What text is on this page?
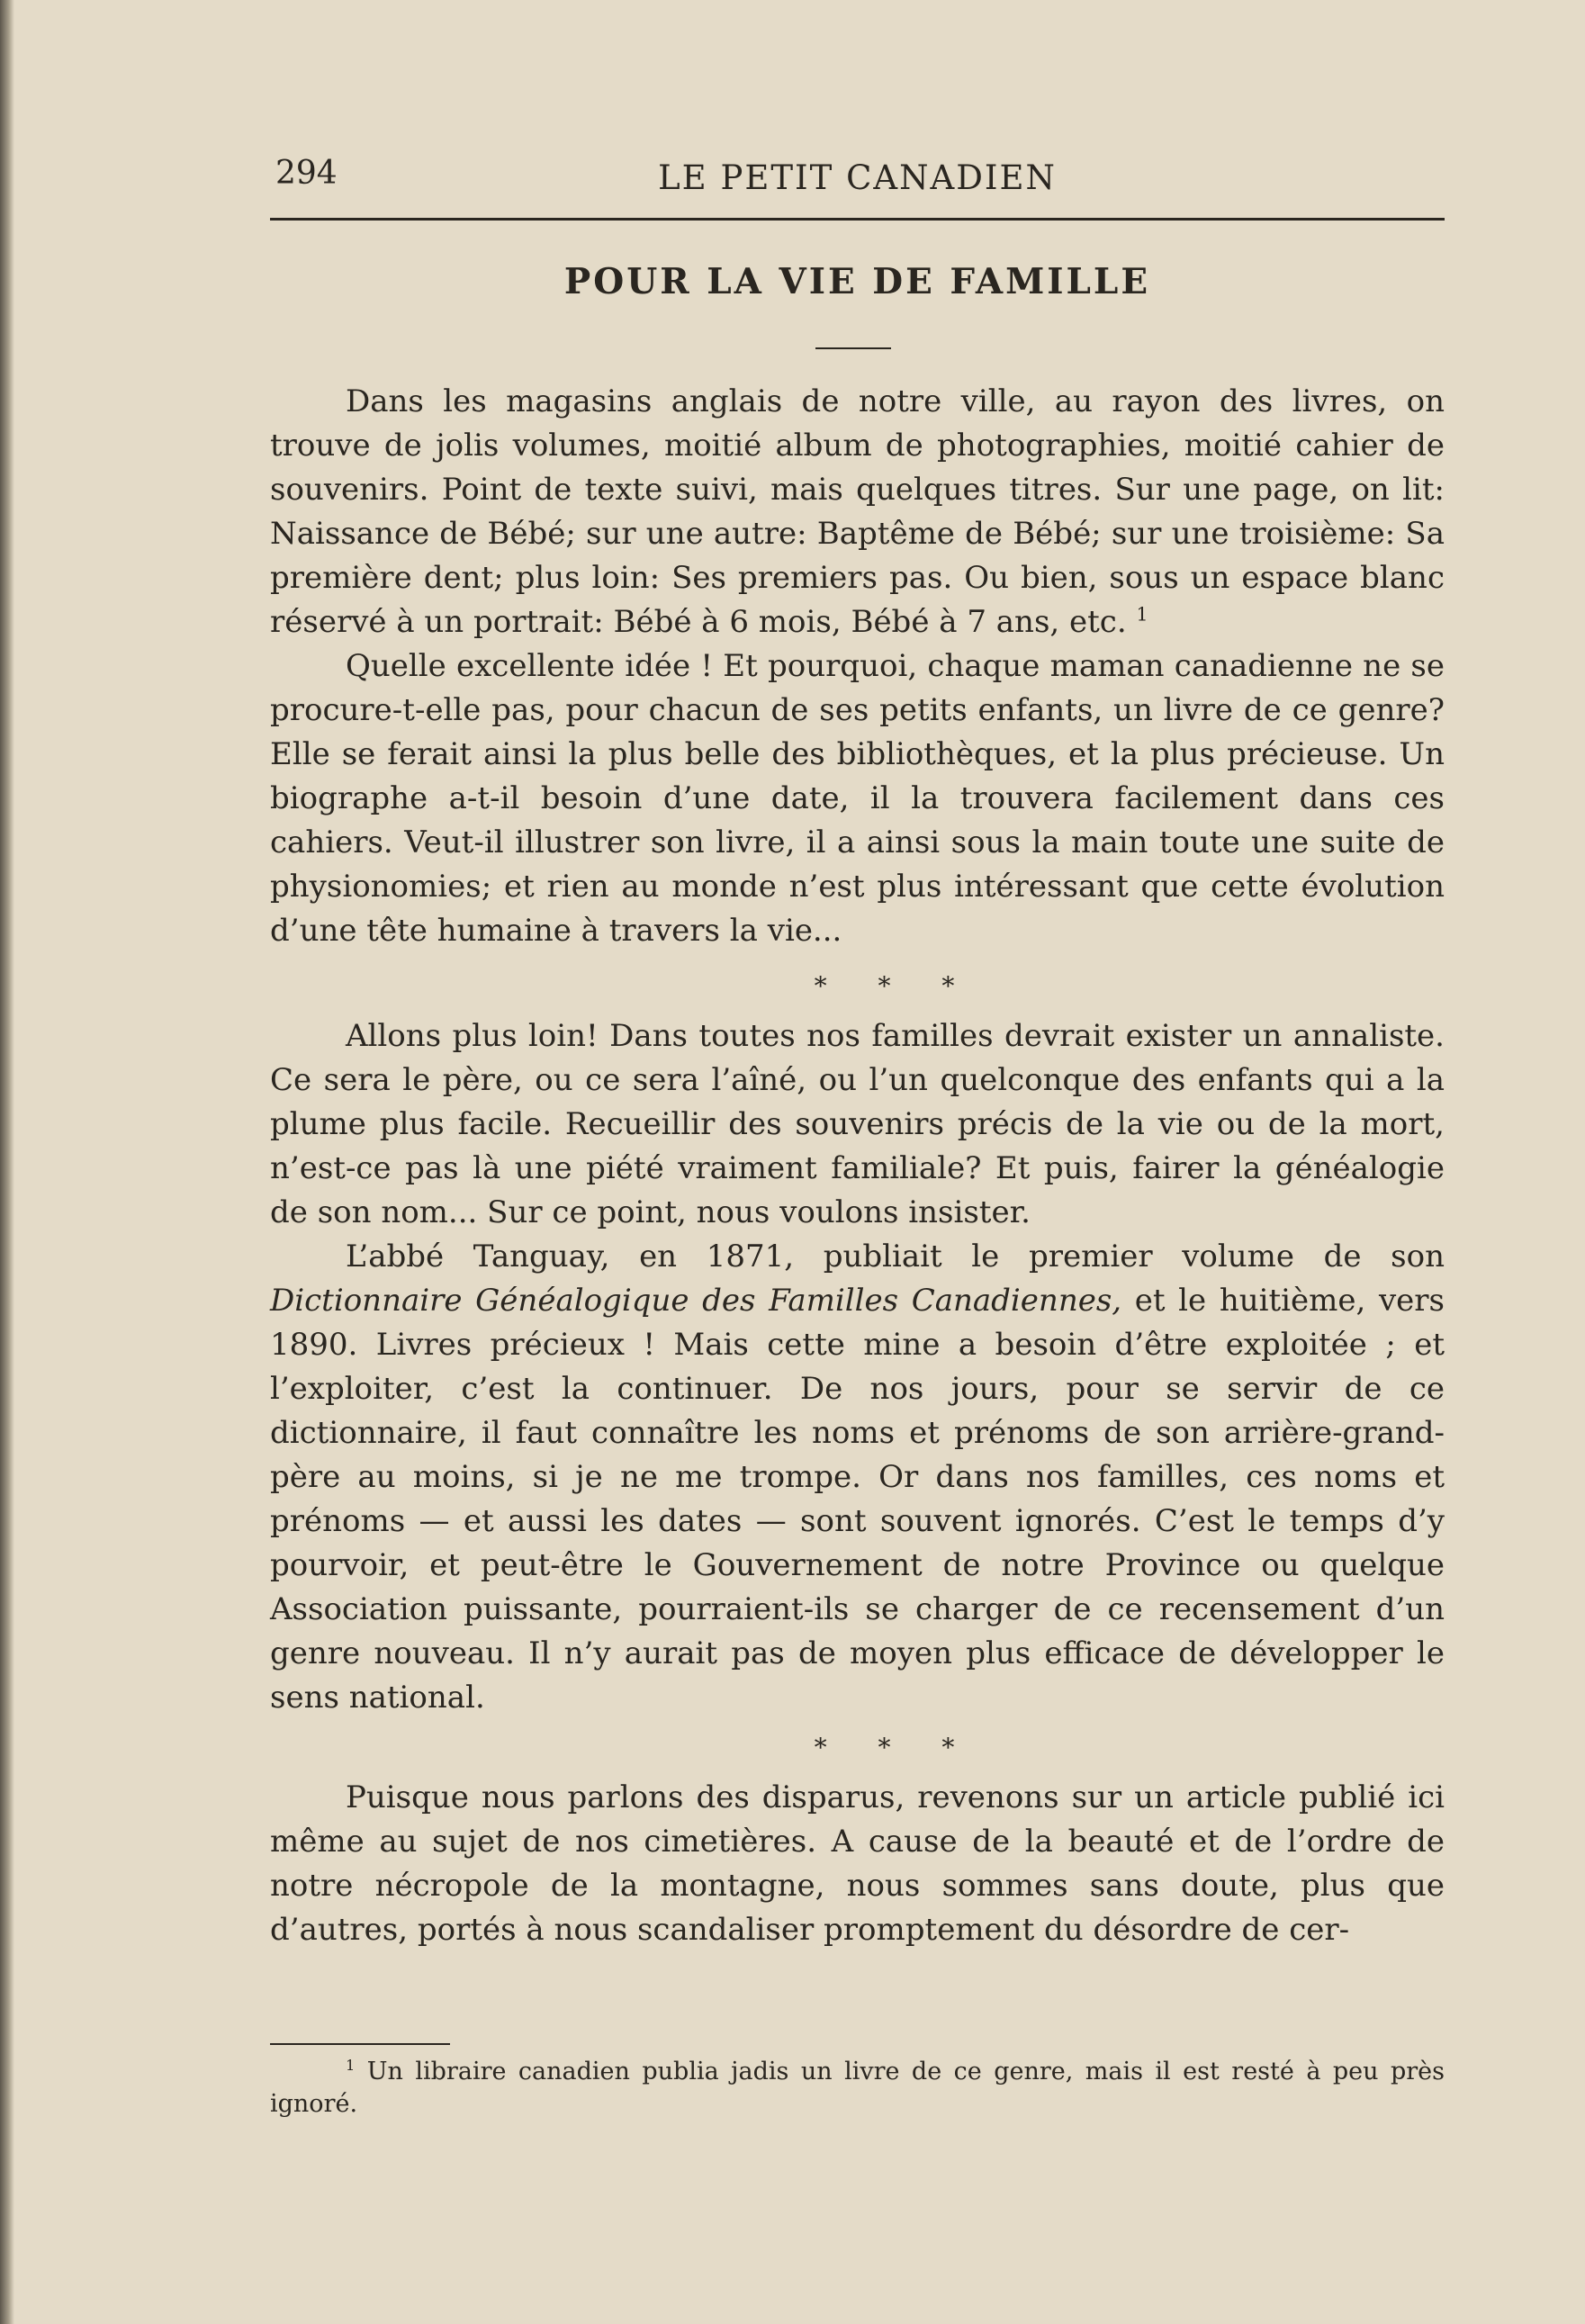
294	LE PETIT CANADIEN
POUR LA VIE DE FAMILLE

Dans les magasins anglais de notre ville, au rayon des livres, on trouve de jolis volumes, moitié album de photographies, moitié cahier de souvenirs. Point de texte suivi, mais quelques titres. Sur une page, on lit: Naissance de Bébé; sur une autre: Baptême de Bébé; sur une troisième: Sa première dent; plus loin: Ses premiers pas. Ou bien, sous un espace blanc réservé à un portrait: Bébé à 6 mois, Bébé à 7 ans, etc. $^1$

Quelle excellente idée ! Et pourquoi, chaque maman canadienne ne se procure-t-elle pas, pour chacun de ses petits enfants, un livre de ce genre? Elle se ferait ainsi la plus belle des bibliothèques, et la plus précieuse. Un biographe a-t-il besoin d’une date, il la trouvera facilement dans ces cahiers. Veut-il illustrer son livre, il a ainsi sous la main toute une suite de physionomies; et rien au monde n’est plus intéressant que cette évolution d’une tête humaine à travers la vie...

* * *

Allons plus loin! Dans toutes nos familles devrait exister un annaliste. Ce sera le père, ou ce sera l’aîné, ou l’un quelconque des enfants qui a la plume plus facile. Recueillir des souvenirs précis de la vie ou de la mort, n’est-ce pas là une piété vraiment familiale? Et puis, fairer la généalogie de son nom... Sur ce point, nous voulons insister.

L’abbé Tanguay, en 1871, publiait le premier volume de son Dictionnaire Généalogique des Familles Canadiennes, et le huitième, vers 1890. Livres précieux ! Mais cette mine a besoin d’être exploitée ; et l’exploiter, c’est la continuer. De nos jours, pour se servir de ce dictionnaire, il faut connaître les noms et prénoms de son arrière-grand-père au moins, si je ne me trompe. Or dans nos familles, ces noms et prénoms — et aussi les dates — sont souvent ignorés. C’est le temps d’y pourvoir, et peut-être le Gouvernement de notre Province ou quelque Association puissante, pourraient-ils se charger de ce recensement d’un genre nouveau. Il n’y aurait pas de moyen plus efficace de développer le sens national.

* * *

Puisque nous parlons des disparus, revenons sur un article publié ici même au sujet de nos cimetières. A cause de la beauté et de l’ordre de notre nécropole de la montagne, nous sommes sans doute, plus que d’autres, portés à nous scandaliser promptement du désordre de cer-

$^1$ Un libraire canadien publia jadis un livre de ce genre, mais il est resté à peu près ignoré.
